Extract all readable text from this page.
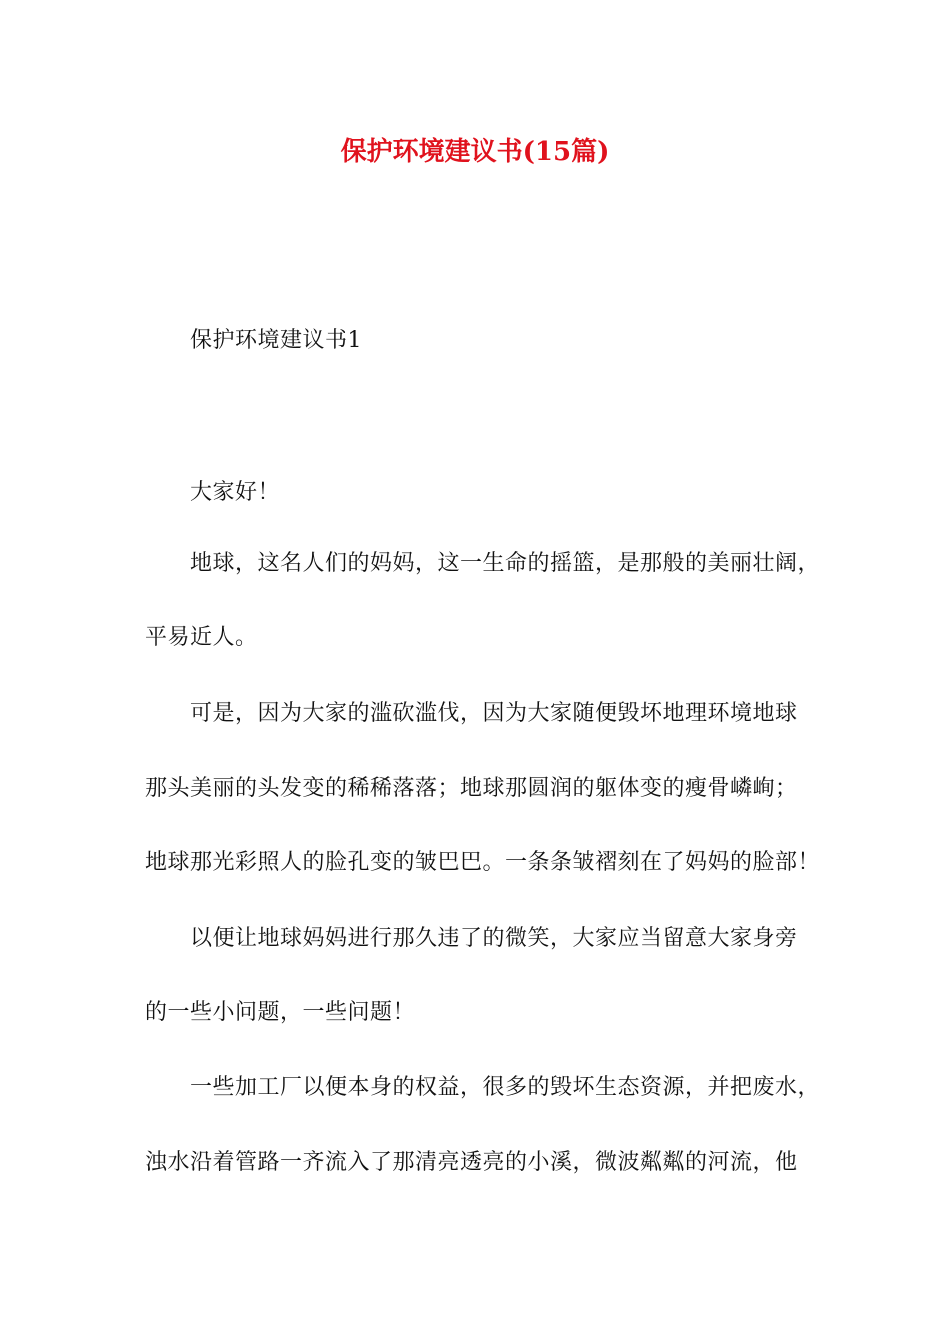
保护环境建议书(15篇)
保护环境建议书1
大家好！
地球，这名人们的妈妈，这一生命的摇篮，是那般的美丽壮阔，
平易近人。
可是，因为大家的滥砍滥伐，因为大家随便毁坏地理环境地球
那头美丽的头发变的稀稀落落；地球那圆润的躯体变的瘦骨嶙峋；
地球那光彩照人的脸孔变的皱巴巴。一条条皱褶刻在了妈妈的脸部！
以便让地球妈妈进行那久违了的微笑，大家应当留意大家身旁
的一些小问题，一些问题！
一些加工厂以便本身的权益，很多的毁坏生态资源，并把废水，
浊水沿着管路一齐流入了那清亮透亮的小溪，微波粼粼的河流，他
